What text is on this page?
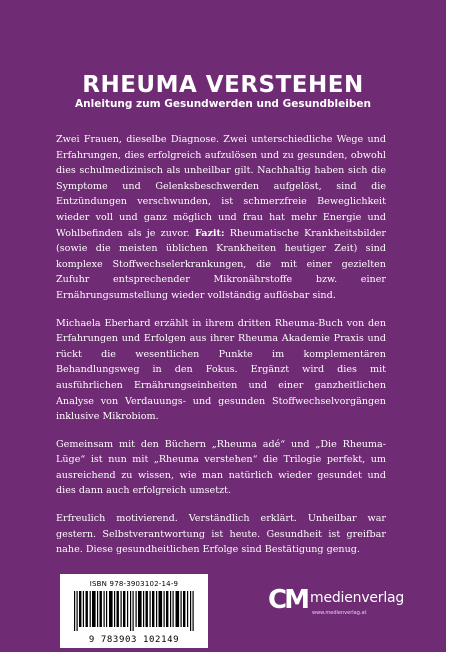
RHEUMA VERSTEHEN
Anleitung zum Gesundwerden und Gesundbleiben

Zwei Frauen, dieselbe Diagnose. Zwei unterschiedliche Wege und Erfahrungen, dies erfolgreich aufzulösen und zu gesunden, obwohl dies schulmedizinisch als unheilbar gilt. Nachhaltig haben sich die Symptome und Gelenksbeschwerden aufgelöst, sind die Entzündungen verschwunden, ist schmerzfreie Beweglichkeit wieder voll und ganz möglich und frau hat mehr Energie und Wohlbefinden als je zuvor. Fazit: Rheumatische Krankheitsbilder (sowie die meisten üblichen Krankheiten heutiger Zeit) sind komplexe Stoffwechselerkrankungen, die mit einer gezielten Zufuhr entsprechender Mikronährstoffe bzw. einer Ernährungsumstellung wieder vollständig auflösbar sind.

Michaela Eberhard erzählt in ihrem dritten Rheuma-Buch von den Erfahrungen und Erfolgen aus ihrer Rheuma Akademie Praxis und rückt die wesentlichen Punkte im komplementären Behandlungsweg in den Fokus. Ergänzt wird dies mit ausführlichen Ernährungseinheiten und einer ganzheitlichen Analyse von Verdauungs- und gesunden Stoffwechselvorgängen inklusive Mikrobiom.

Gemeinsam mit den Büchern „Rheuma adé“ und „Die Rheuma-Lüge“ ist nun mit „Rheuma verstehen“ die Trilogie perfekt, um ausreichend zu wissen, wie man natürlich wieder gesundet und dies dann auch erfolgreich umsetzt.

Erfreulich motivierend. Verständlich erklärt. Unheilbar war gestern. Selbstverantwortung ist heute. Gesundheit ist greifbar nahe. Diese gesundheitlichen Erfolge sind Bestätigung genug.

ISBN 978-3903102-14-9
9 783903 102149
CM medienverlag
www.medienverlag.at
